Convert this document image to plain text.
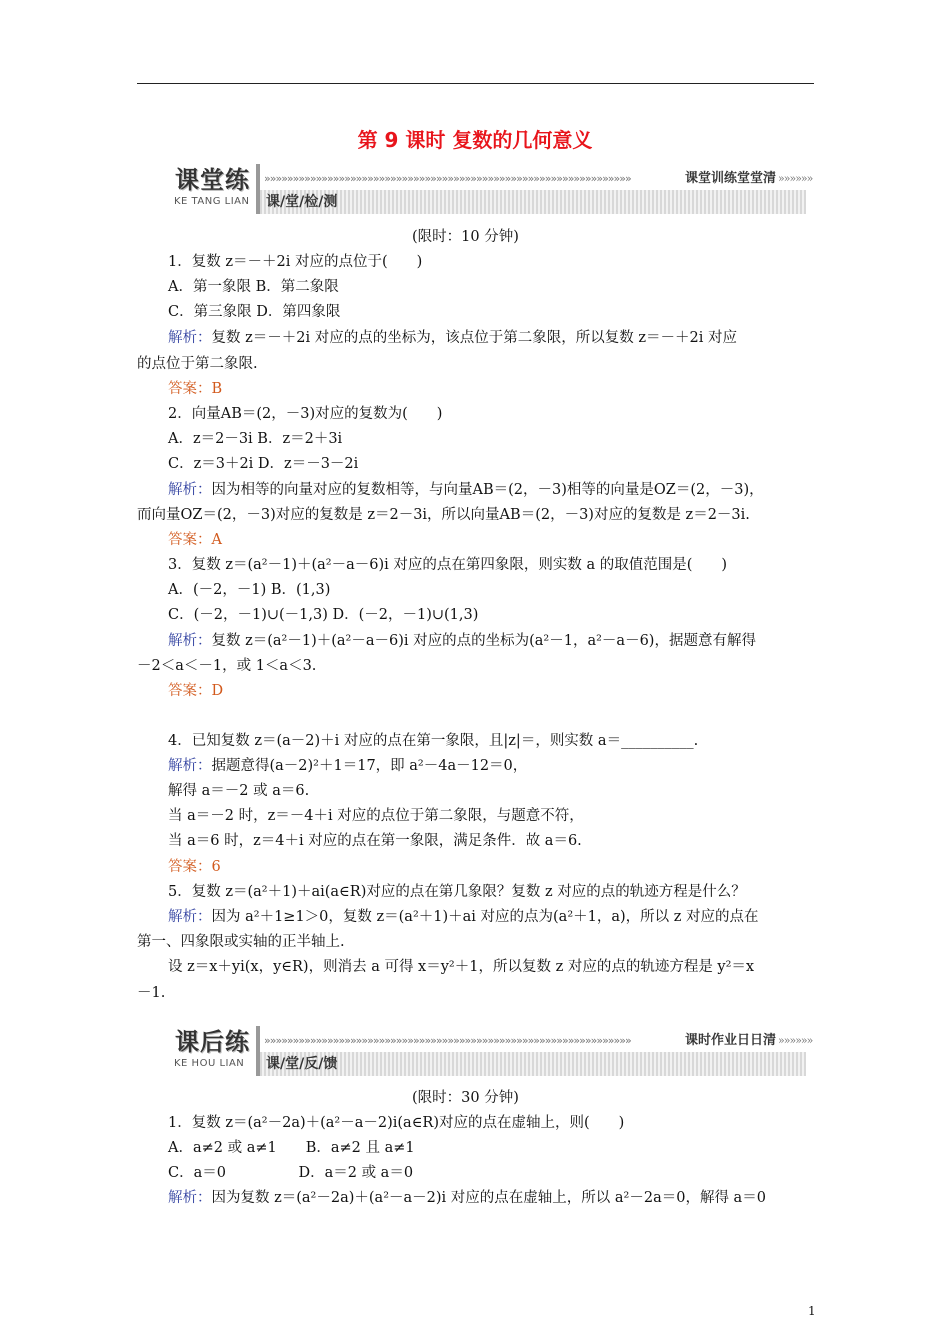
第 9 课时 复数的几何意义
课堂练
KE TANG LIAN
»»»»»»»»»»»»»»»»»»»»»»»»»»»»»»»»»»»»»»»»»»»»»»»»»»»»»»»»»»»»»»»»	课堂训练堂堂清 »»»»»»
课/堂/检/测
课后练
KE HOU LIAN
»»»»»»»»»»»»»»»»»»»»»»»»»»»»»»»»»»»»»»»»»»»»»»»»»»»»»»»»»»»»»»»»	课时作业日日清 »»»»»»
课/堂/反/馈
(限时：10 分钟)
1．复数 z＝－＋2i 对应的点位于(　　)
A．第一象限 B．第二象限
C．第三象限 D．第四象限
解析：复数 z＝－＋2i 对应的点的坐标为，该点位于第二象限，所以复数 z＝－＋2i 对应
的点位于第二象限.
答案：B
2．向量AB＝(2，－3)对应的复数为(　　)
A．z＝2－3i B．z＝2＋3i
C．z＝3＋2i D．z＝－3－2i
解析：因为相等的向量对应的复数相等，与向量AB＝(2，－3)相等的向量是OZ＝(2，－3)，
而向量OZ＝(2，－3)对应的复数是 z＝2－3i，所以向量AB＝(2，－3)对应的复数是 z＝2－3i.
答案：A
3．复数 z＝(a²－1)＋(a²－a－6)i 对应的点在第四象限，则实数 a 的取值范围是(　　)
A．(－2，－1) B．(1,3)
C．(－2，－1)∪(－1,3) D．(－2，－1)∪(1,3)
解析：复数 z＝(a²－1)＋(a²－a－6)i 对应的点的坐标为(a²－1，a²－a－6)，据题意有解得
－2＜a＜－1，或 1＜a＜3.
答案：D
4．已知复数 z＝(a－2)＋i 对应的点在第一象限，且|z|＝，则实数 a＝__________.
解析：据题意得(a－2)²＋1＝17，即 a²－4a－12＝0，
解得 a＝－2 或 a＝6.
当 a＝－2 时，z＝－4＋i 对应的点位于第二象限，与题意不符，
当 a＝6 时，z＝4＋i 对应的点在第一象限，满足条件．故 a＝6.
答案：6
5．复数 z＝(a²＋1)＋ai(a∈R)对应的点在第几象限？复数 z 对应的点的轨迹方程是什么？
解析：因为 a²＋1≥1＞0，复数 z＝(a²＋1)＋ai 对应的点为(a²＋1，a)，所以 z 对应的点在
第一、四象限或实轴的正半轴上.
设 z＝x＋yi(x，y∈R)，则消去 a 可得 x＝y²＋1，所以复数 z 对应的点的轨迹方程是 y²＝x
－1.
(限时：30 分钟)
1．复数 z＝(a²－2a)＋(a²－a－2)i(a∈R)对应的点在虚轴上，则(　　)
A．a≠2 或 a≠1　　B．a≠2 且 a≠1
C．a＝0　　　　　D．a＝2 或 a＝0
解析：因为复数 z＝(a²－2a)＋(a²－a－2)i 对应的点在虚轴上，所以 a²－2a＝0，解得 a＝0
1
